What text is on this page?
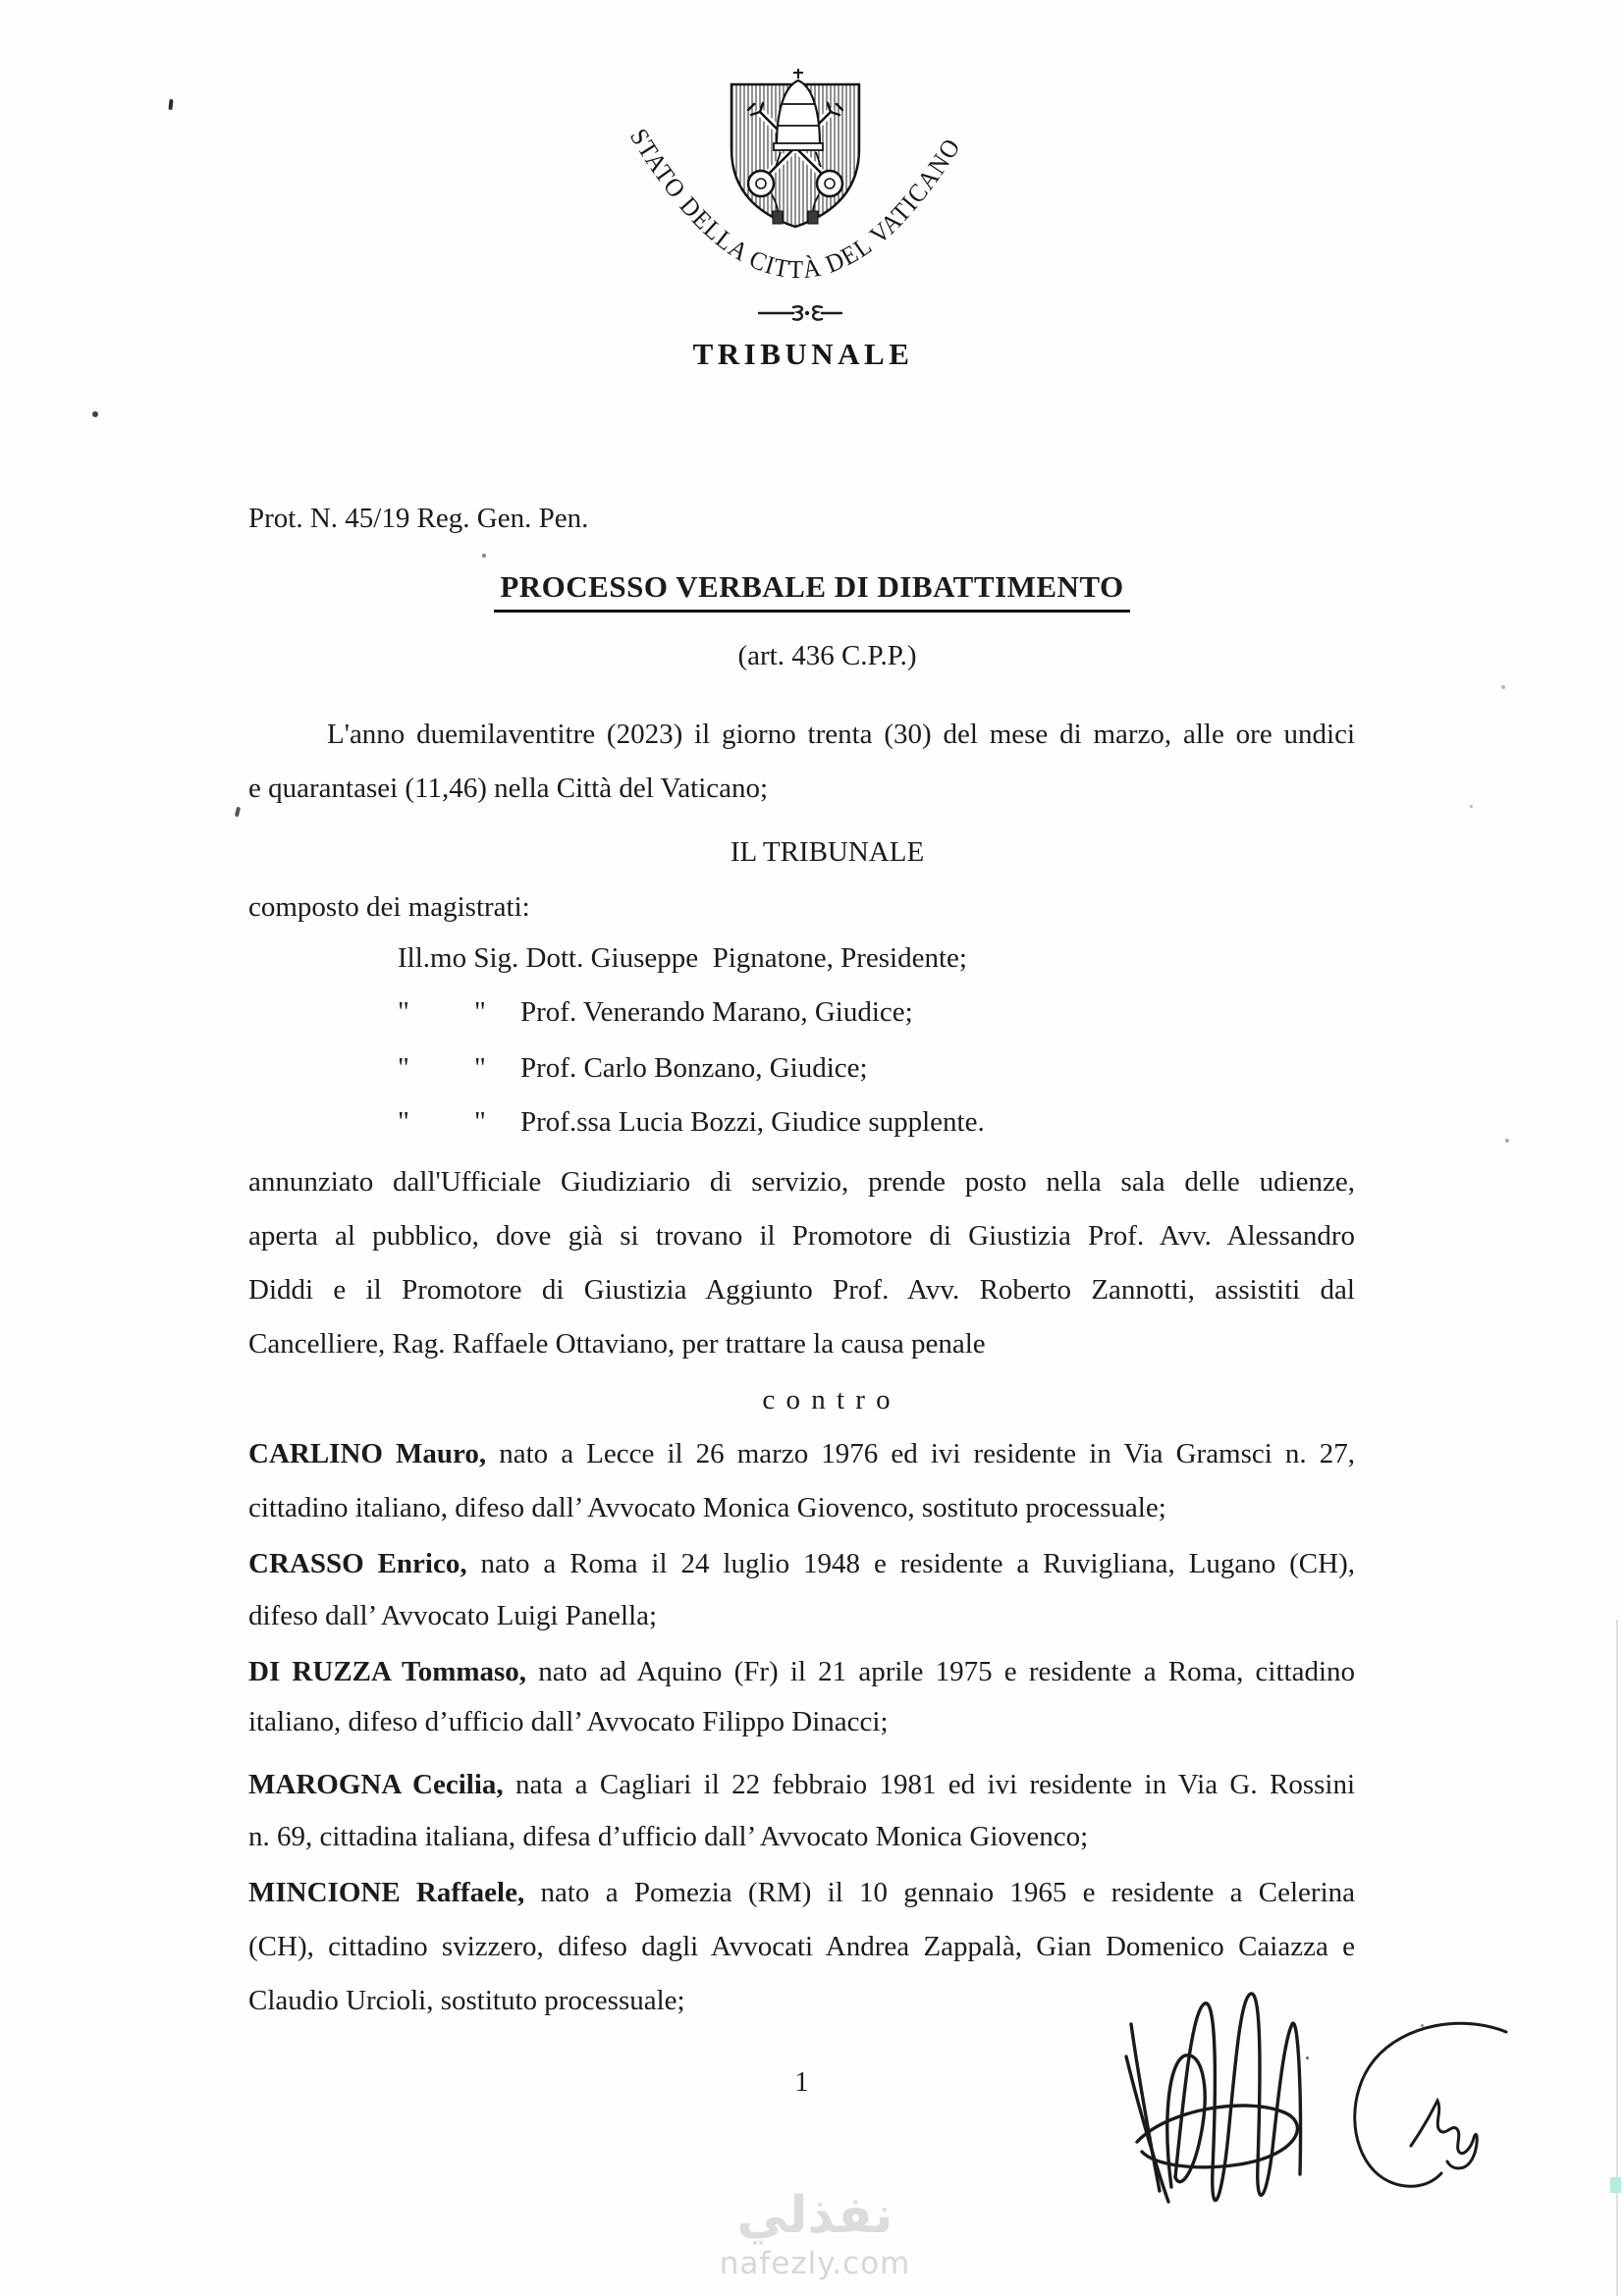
STATO DELLA CITTÀ DEL VATICANO
TRIBUNALE
Prot. N. 45/19 Reg. Gen. Pen.
PROCESSO VERBALE DI DIBATTIMENTO
(art. 436 C.P.P.)
L'anno duemilaventitre (2023) il giorno trenta (30) del mese di marzo, alle ore undici
e quarantasei (11,46) nella Città del Vaticano;
IL TRIBUNALE
composto dei magistrati:
Ill.mo Sig. Dott. Giuseppe  Pignatone, Presidente;
" " Prof. Venerando Marano, Giudice;
" " Prof. Carlo Bonzano, Giudice;
" " Prof.ssa Lucia Bozzi, Giudice supplente.
annunziato dall'Ufficiale Giudiziario di servizio, prende posto nella sala delle udienze,
aperta al pubblico, dove già si trovano il Promotore di Giustizia Prof. Avv. Alessandro
Diddi e il Promotore di Giustizia Aggiunto Prof. Avv. Roberto Zannotti, assistiti dal
Cancelliere, Rag. Raffaele Ottaviano, per trattare la causa penale
c o n t r o
CARLINO Mauro, nato a Lecce il 26 marzo 1976 ed ivi residente in Via Gramsci n. 27,
cittadino italiano, difeso dall’ Avvocato Monica Giovenco, sostituto processuale;
CRASSO Enrico, nato a Roma il 24 luglio 1948 e residente a Ruvigliana, Lugano (CH),
difeso dall’ Avvocato Luigi Panella;
DI RUZZA Tommaso, nato ad Aquino (Fr) il 21 aprile 1975 e residente a Roma, cittadino
italiano, difeso d’ufficio dall’ Avvocato Filippo Dinacci;
MAROGNA Cecilia, nata a Cagliari il 22 febbraio 1981 ed ivi residente in Via G. Rossini
n. 69, cittadina italiana, difesa d’ufficio dall’ Avvocato Monica Giovenco;
MINCIONE Raffaele, nato a Pomezia (RM) il 10 gennaio 1965 e residente a Celerina
(CH), cittadino svizzero, difeso dagli Avvocati Andrea Zappalà, Gian Domenico Caiazza e
Claudio Urcioli, sostituto processuale;
1
نفذلي
nafezly.com
